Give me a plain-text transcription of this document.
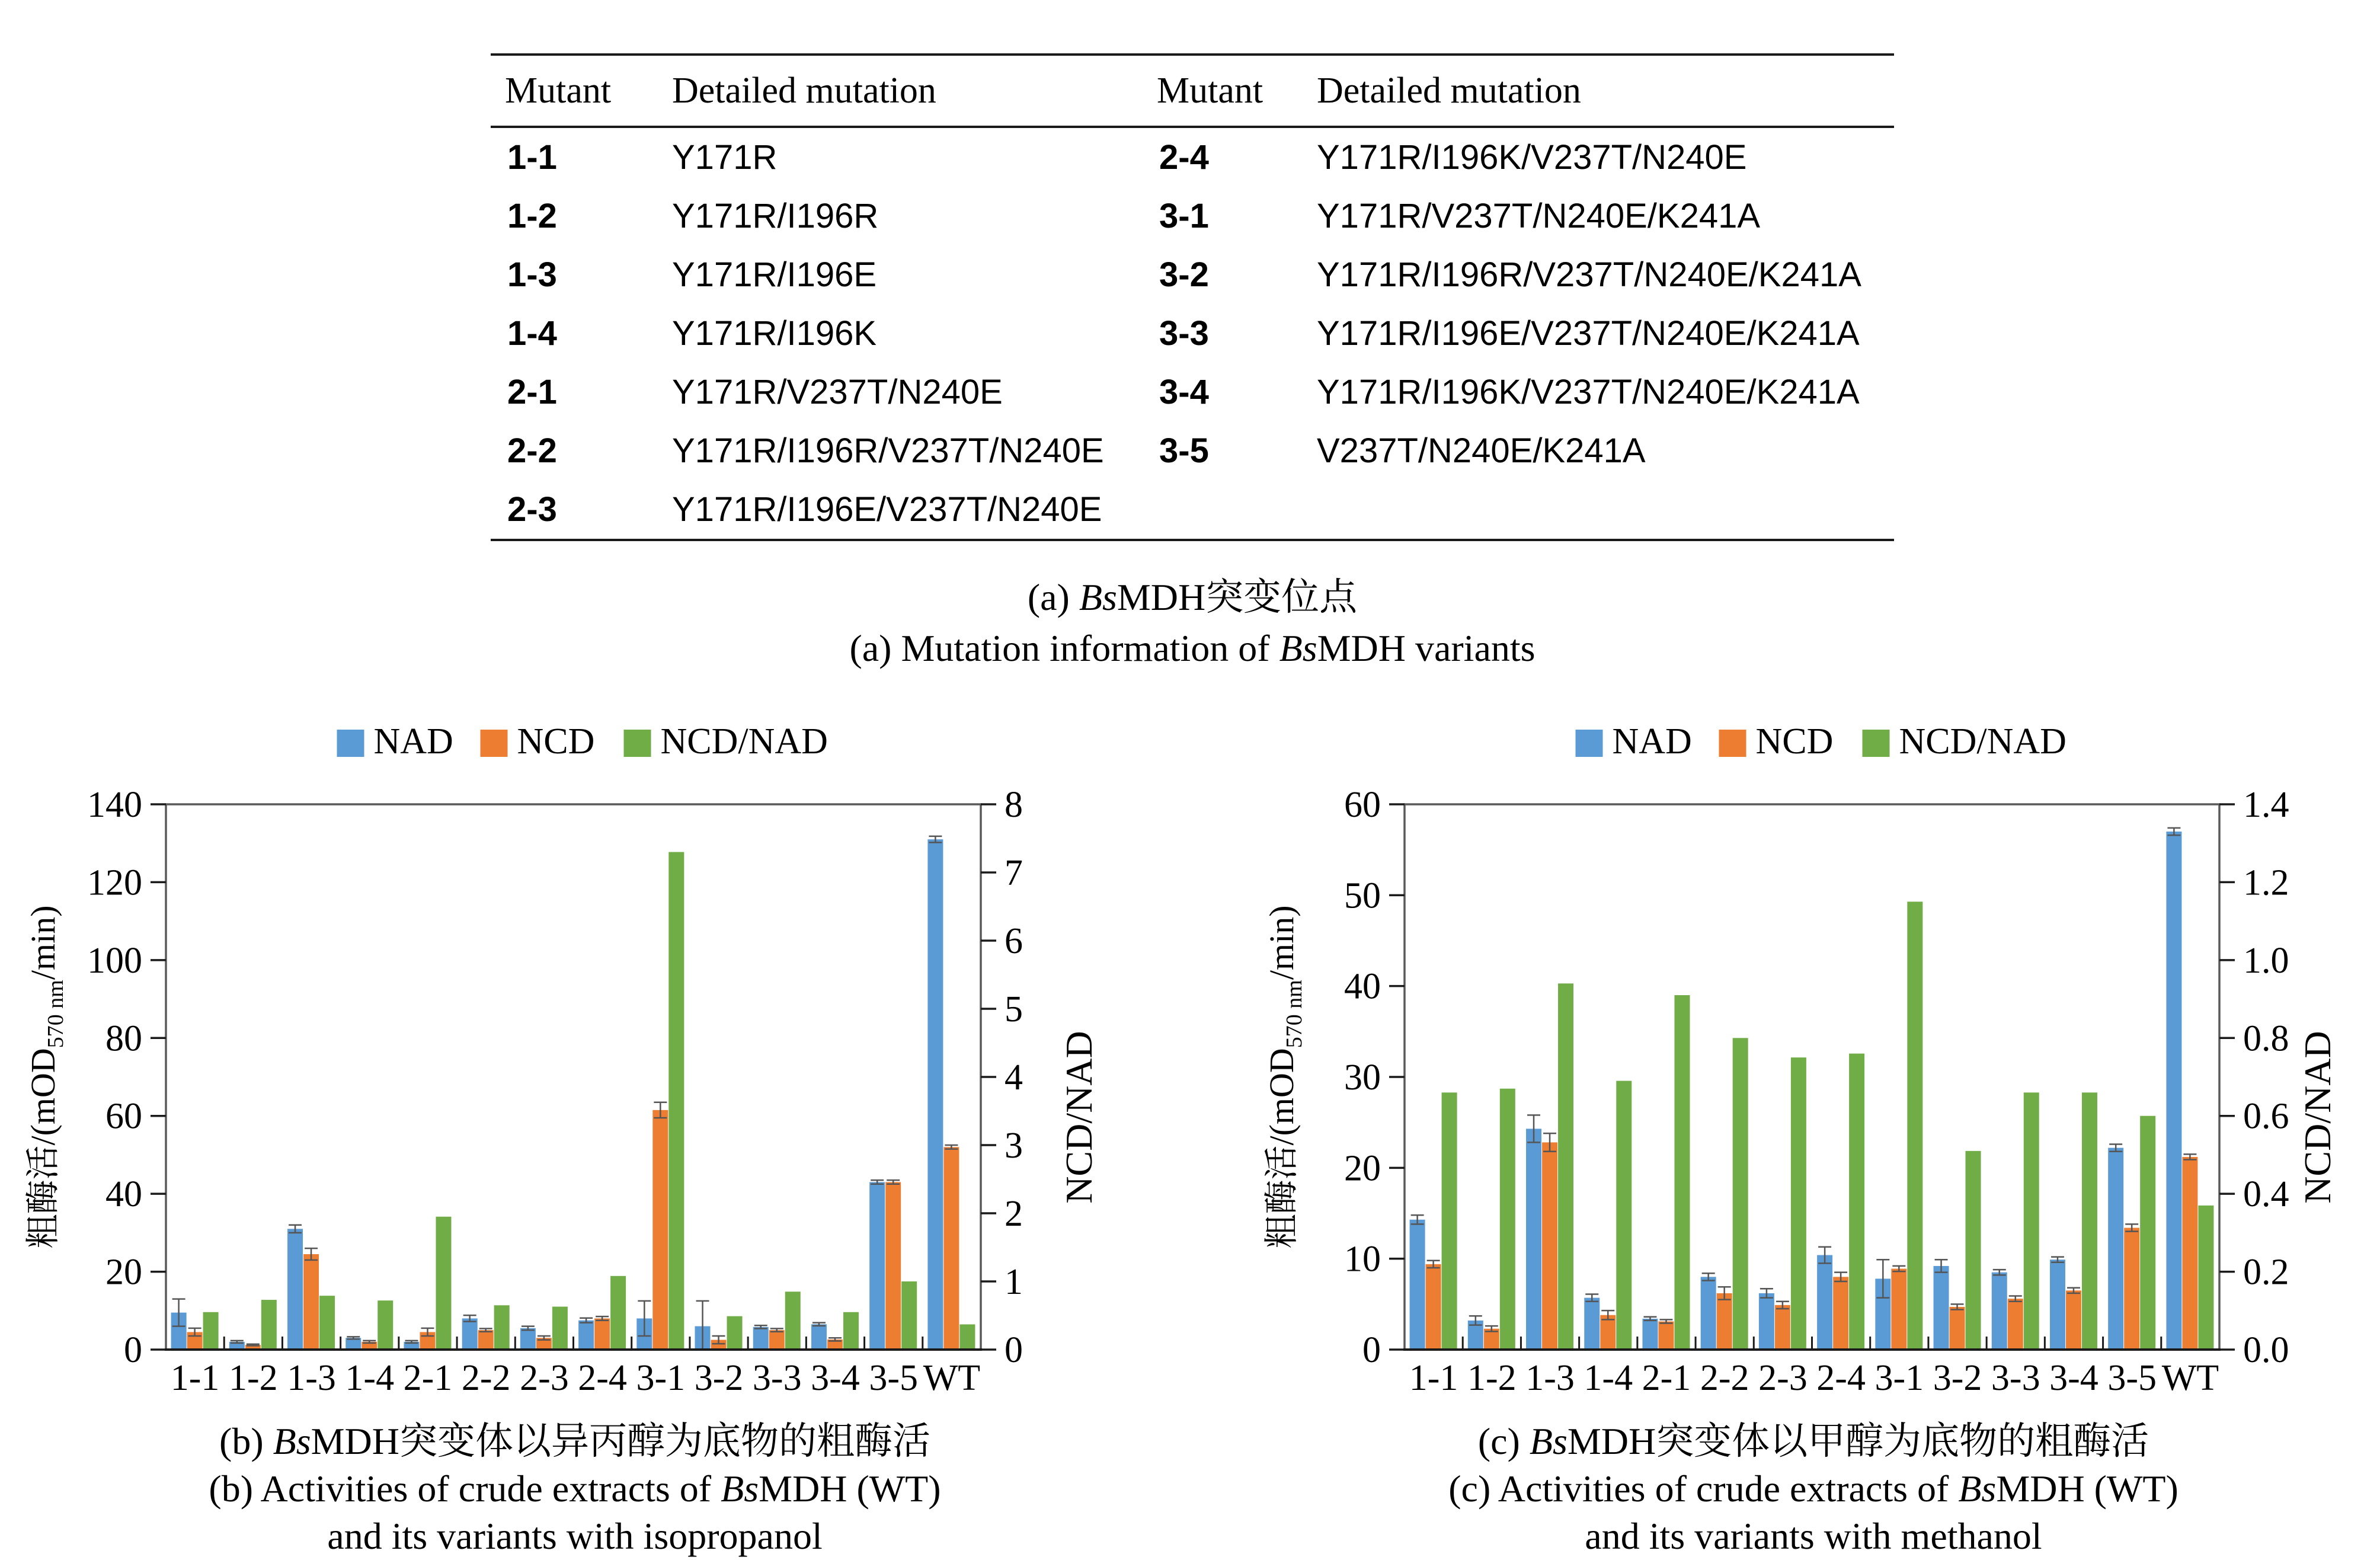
Mutant	Detailed mutation	Mutant	Detailed mutation
1-1	Y171R	2-4	Y171R/I196K/V237T/N240E
1-2	Y171R/I196R	3-1	Y171R/V237T/N240E/K241A
1-3	Y171R/I196E	3-2	Y171R/I196R/V237T/N240E/K241A
1-4	Y171R/I196K	3-3	Y171R/I196E/V237T/N240E/K241A
2-1	Y171R/V237T/N240E	3-4	Y171R/I196K/V237T/N240E/K241A
2-2	Y171R/I196R/V237T/N240E	3-5	V237T/N240E/K241A
2-3	Y171R/I196E/V237T/N240E
(a) BsMDH突变位点
(a) Mutation information of BsMDH variants
0
20
40
60
80
100
120
140
0
1
2
3
4
5
6
7
8
1-1 1-2 1-3 1-4 2-1 2-2 2-3 2-4 3-1 3-2 3-3 3-4 3-5 WT
粗酶活/(mOD$_{570 nm}$/min)
NCD/NAD
NAD NCD NCD/NAD
0
10
20
30
40
50
60
0.0
0.2
0.4
0.6
0.8
1.0
1.2
1.4
1-1 1-2 1-3 1-4 2-1 2-2 2-3 2-4 3-1 3-2 3-3 3-4 3-5 WT
粗酶活/(mOD$_{570 nm}$/min)
NCD/NAD
NAD NCD NCD/NAD
(b) BsMDH突变体以异丙醇为底物的粗酶活
(b) Activities of crude extracts of BsMDH (WT)
and its variants with isopropanol
(c) BsMDH突变体以甲醇为底物的粗酶活
(c) Activities of crude extracts of BsMDH (WT)
and its variants with methanol
